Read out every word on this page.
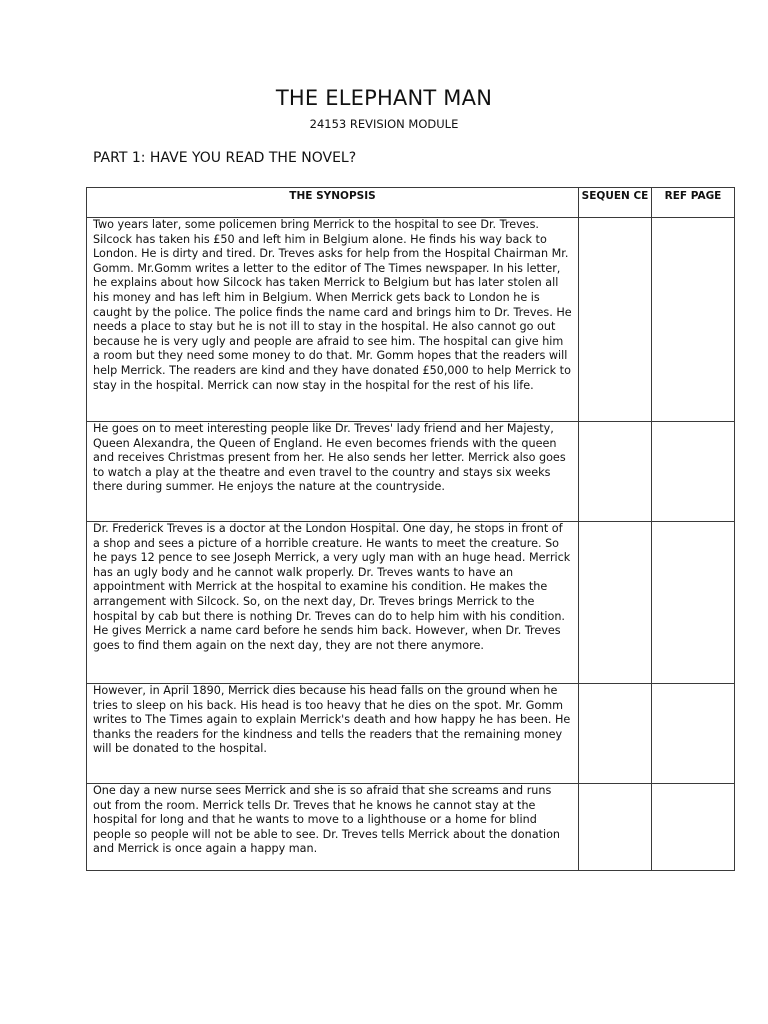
THE ELEPHANT MAN
24153 REVISION MODULE
PART 1: HAVE YOU READ THE NOVEL?
THE SYNOPSIS	SEQUEN CE	REF PAGE
Two years later, some policemen bring Merrick to the hospital to see Dr. Treves. Silcock has taken his £50 and left him in Belgium alone. He finds his way back to London. He is dirty and tired. Dr. Treves asks for help from the Hospital Chairman Mr. Gomm. Mr.Gomm writes a letter to the editor of The Times newspaper. In his letter, he explains about how Silcock has taken Merrick to Belgium but has later stolen all his money and has left him in Belgium. When Merrick gets back to London he is caught by the police. The police finds the name card and brings him to Dr. Treves. He needs a place to stay but he is not ill to stay in the hospital. He also cannot go out because he is very ugly and people are afraid to see him. The hospital can give him a room but they need some money to do that. Mr. Gomm hopes that the readers will help Merrick. The readers are kind and they have donated £50,000 to help Merrick to stay in the hospital. Merrick can now stay in the hospital for the rest of his life.		
He goes on to meet interesting people like Dr. Treves' lady friend and her Majesty, Queen Alexandra, the Queen of England. He even becomes friends with the queen and receives Christmas present from her. He also sends her letter. Merrick also goes to watch a play at the theatre and even travel to the country and stays six weeks there during summer. He enjoys the nature at the countryside.		
Dr. Frederick Treves is a doctor at the London Hospital. One day, he stops in front of a shop and sees a picture of a horrible creature. He wants to meet the creature. So he pays 12 pence to see Joseph Merrick, a very ugly man with an huge head. Merrick has an ugly body and he cannot walk properly. Dr. Treves wants to have an appointment with Merrick at the hospital to examine his condition. He makes the arrangement with Silcock. So, on the next day, Dr. Treves brings Merrick to the hospital by cab but there is nothing Dr. Treves can do to help him with his condition. He gives Merrick a name card before he sends him back. However, when Dr. Treves goes to find them again on the next day, they are not there anymore.		
However, in April 1890, Merrick dies because his head falls on the ground when he tries to sleep on his back. His head is too heavy that he dies on the spot. Mr. Gomm writes to The Times again to explain Merrick's death and how happy he has been. He thanks the readers for the kindness and tells the readers that the remaining money will be donated to the hospital.		
One day a new nurse sees Merrick and she is so afraid that she screams and runs out from the room. Merrick tells Dr. Treves that he knows he cannot stay at the hospital for long and that he wants to move to a lighthouse or a home for blind people so people will not be able to see. Dr. Treves tells Merrick about the donation and Merrick is once again a happy man.		
